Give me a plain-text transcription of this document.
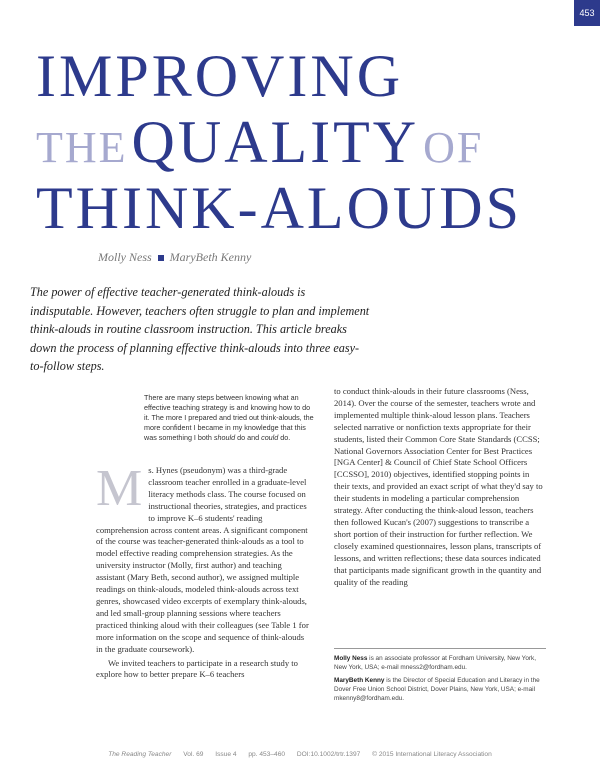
453
IMPROVING
THE QUALITY OF
THINK-ALOUDS
Molly Ness MaryBeth Kenny
The power of effective teacher-generated think-alouds is indisputable. However, teachers often struggle to plan and implement think-alouds in routine classroom instruction. This article breaks down the process of planning effective think-alouds into three easy-to-follow steps.
There are many steps between knowing what an effective teaching strategy is and knowing how to do it. The more I prepared and tried out think-alouds, the more confident I became in my knowledge that this was something I both should do and could do.
M s. Hynes (pseudonym) was a third-grade classroom teacher enrolled in a graduate-level literacy methods class. The course focused on instructional theories, strategies, and practices to improve K–6 students' reading comprehension across content areas. A significant component of the course was teacher-generated think-alouds as a tool to model effective reading comprehension strategies. As the university instructor (Molly, first author) and teaching assistant (Mary Beth, second author), we assigned multiple readings on think-alouds, modeled think-alouds across text genres, showcased video excerpts of exemplary think-alouds, and led small-group planning sessions where teachers practiced thinking aloud with their colleagues (see Table 1 for more information on the scope and sequence of think-alouds in the graduate coursework).

We invited teachers to participate in a research study to explore how to better prepare K–6 teachers

to conduct think-alouds in their future classrooms (Ness, 2014). Over the course of the semester, teachers wrote and implemented multiple think-aloud lesson plans. Teachers selected narrative or nonfiction texts appropriate for their students, listed their Common Core State Standards (CCSS; National Governors Association Center for Best Practices [NGA Center] & Council of Chief State School Officers [CCSSO], 2010) objectives, identified stopping points in their texts, and provided an exact script of what they'd say to their students in modeling a particular comprehension strategy. After conducting the think-aloud lesson, teachers then followed Kucan's (2007) suggestions to transcribe a short portion of their instruction for further reflection. We closely examined questionnaires, lesson plans, transcripts of lessons, and written reflections; these data sources indicated that participants made significant growth in the quantity and quality of the reading

Molly Ness is an associate professor at Fordham University, New York, New York, USA; e-mail mness2@fordham.edu.

MaryBeth Kenny is the Director of Special Education and Literacy in the Dover Free Union School District, Dover Plains, New York, USA; e-mail mkenny8@fordham.edu.

The Reading Teacher Vol. 69 Issue 4 pp. 453–460 DOI:10.1002/trtr.1397 © 2015 International Literacy Association
